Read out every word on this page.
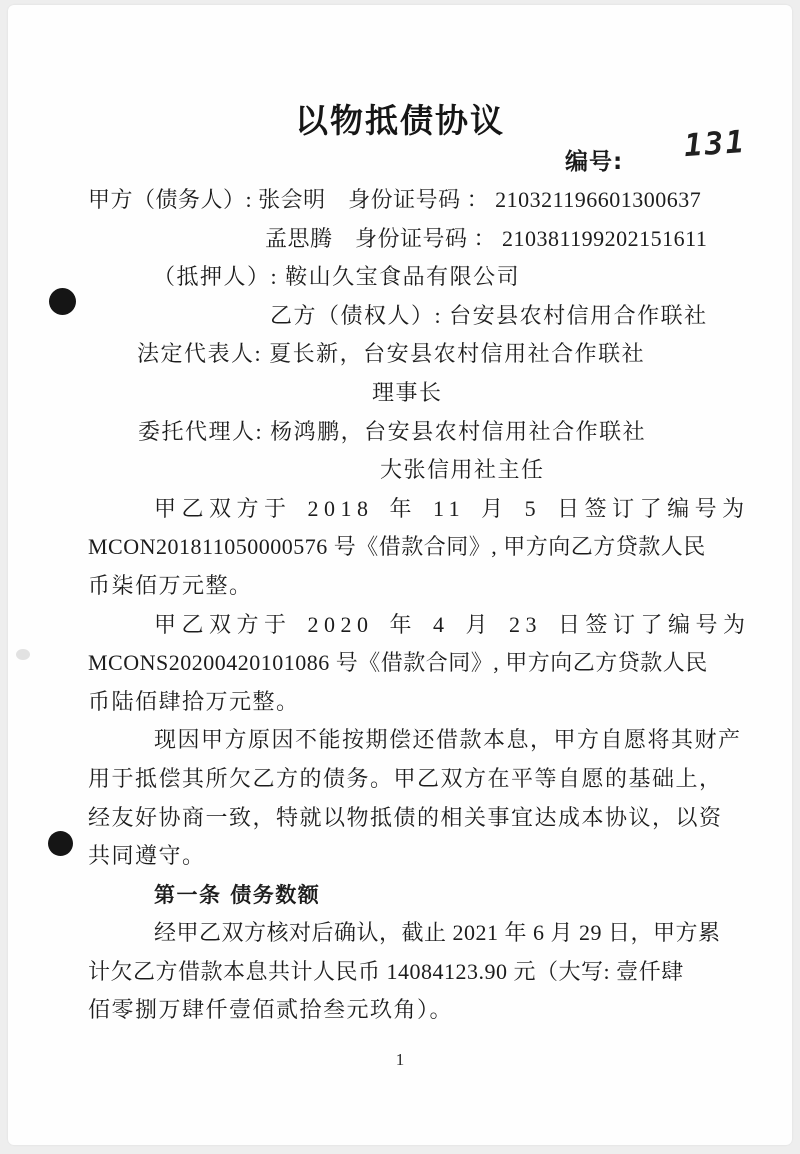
以物抵债协议
编号: 131
甲方（债务人）: 张会明　身份证号码 ： 210321196601300637
孟思腾　身份证号码 ： 210381199202151611
（抵押人）: 鞍山久宝食品有限公司
乙方（债权人）: 台安县农村信用合作联社
法定代表人: 夏长新，台安县农村信用社合作联社
理事长
委托代理人: 杨鸿鹏，台安县农村信用社合作联社
大张信用社主任
甲乙双方于 2018 年 11 月 5 日签订了编号为
MCON201811050000576 号《借款合同》, 甲方向乙方贷款人民
币柒佰万元整。
甲乙双方于 2020 年 4 月 23 日签订了编号为
MCONS20200420101086 号《借款合同》, 甲方向乙方贷款人民
币陆佰肆拾万元整。
现因甲方原因不能按期偿还借款本息，甲方自愿将其财产
用于抵偿其所欠乙方的债务。甲乙双方在平等自愿的基础上，
经友好协商一致，特就以物抵债的相关事宜达成本协议，以资
共同遵守。
第一条 债务数额
经甲乙双方核对后确认，截止 2021 年 6 月 29 日，甲方累
计欠乙方借款本息共计人民币 14084123.90 元（大写: 壹仟肆
佰零捌万肆仟壹佰贰拾叁元玖角）。
1
